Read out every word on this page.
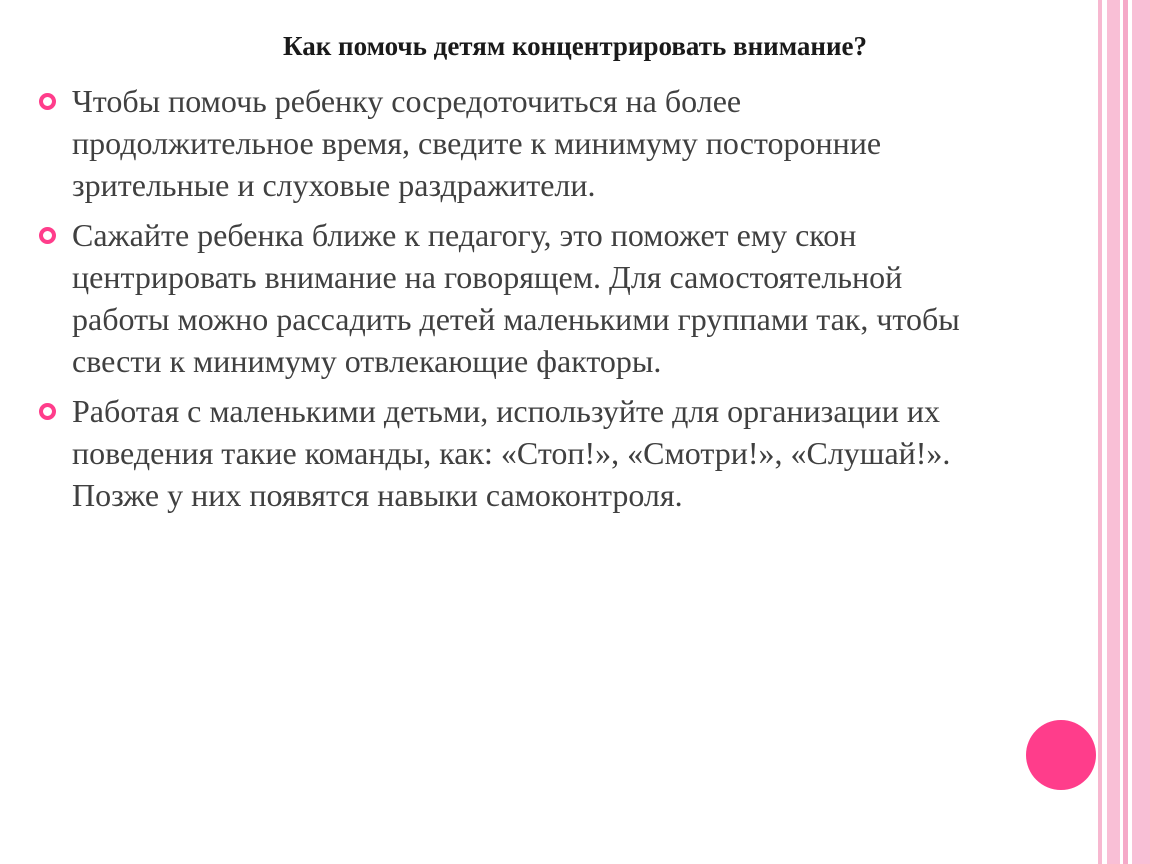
Как помочь детям концентрировать внимание?
Чтобы помочь ребенку сосредоточиться на более
продолжительное время, сведите к минимуму посторонние
зрительные и слуховые раздражители.
Сажайте ребенка ближе к педагогу, это поможет ему скон
центрировать внимание на говорящем. Для самостоятельной
работы можно рассадить детей маленькими группами так, чтобы
свести к минимуму отвлекающие факторы.
Работая с маленькими детьми, используйте для организации их
поведения такие команды, как: «Стоп!», «Смотри!», «Слушай!».
Позже у них появятся навыки самоконтроля.
